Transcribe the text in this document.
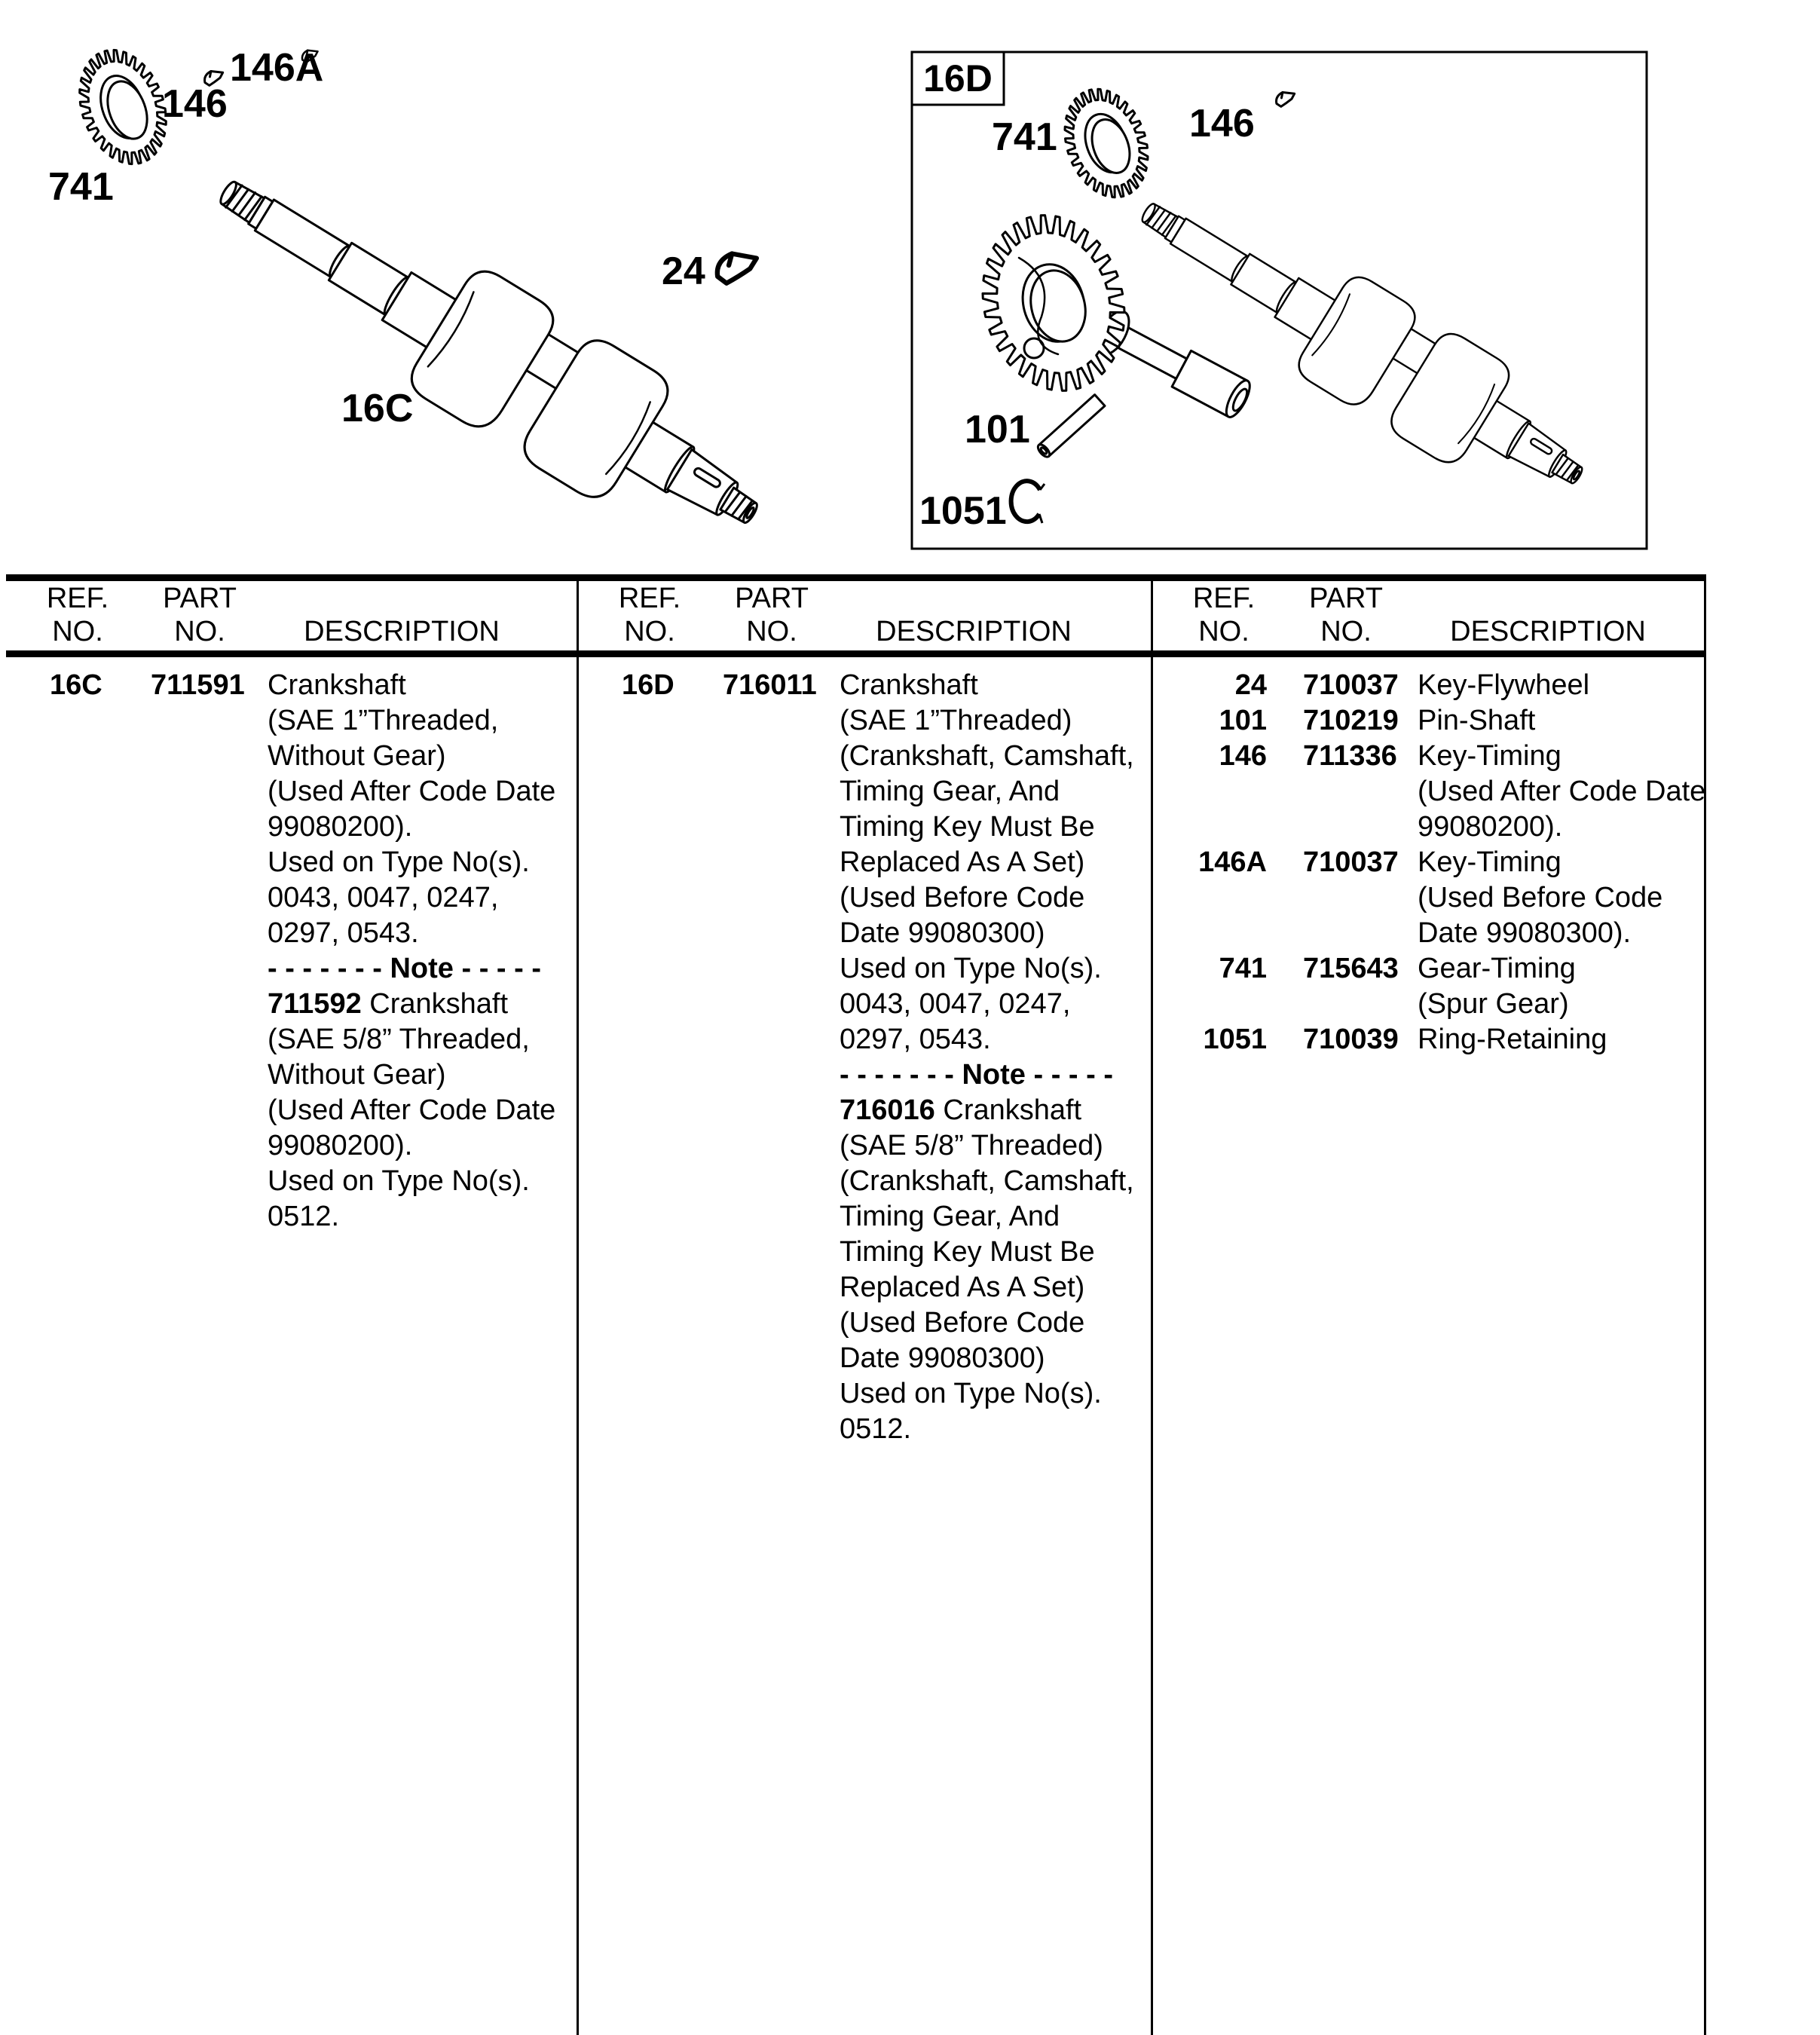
741
146
146A
24
16C
16D
741	146
101
1051
REF.
NO.
PART
NO.	DESCRIPTION
REF.
NO.
PART
NO.	DESCRIPTION
REF.
NO.
PART
NO.	DESCRIPTION
16C 711591 Crankshaft
(SAE 1”Threaded,
Without Gear)
(Used After Code Date
99080200).
Used on Type No(s).
0043, 0047, 0247,
0297, 0543.
- - - - - - - Note - - - - -
711592 Crankshaft
(SAE 5/8” Threaded,
Without Gear)
(Used After Code Date
99080200).
Used on Type No(s).
0512.
16D 716011 Crankshaft
(SAE 1”Threaded)
(Crankshaft, Camshaft,
Timing Gear, And
Timing Key Must Be
Replaced As A Set)
(Used Before Code
Date 99080300)
Used on Type No(s).
0043, 0047, 0247,
0297, 0543.
- - - - - - - Note - - - - -
716016 Crankshaft
(SAE 5/8” Threaded)
(Crankshaft, Camshaft,
Timing Gear, And
Timing Key Must Be
Replaced As A Set)
(Used Before Code
Date 99080300)
Used on Type No(s).
0512.
24 710037 Key-Flywheel
101 710219 Pin-Shaft
146 711336 Key-Timing
(Used After Code Date
99080200).
146A 710037 Key-Timing
(Used Before Code
Date 99080300).
741 715643 Gear-Timing
(Spur Gear)
1051 710039 Ring-Retaining
